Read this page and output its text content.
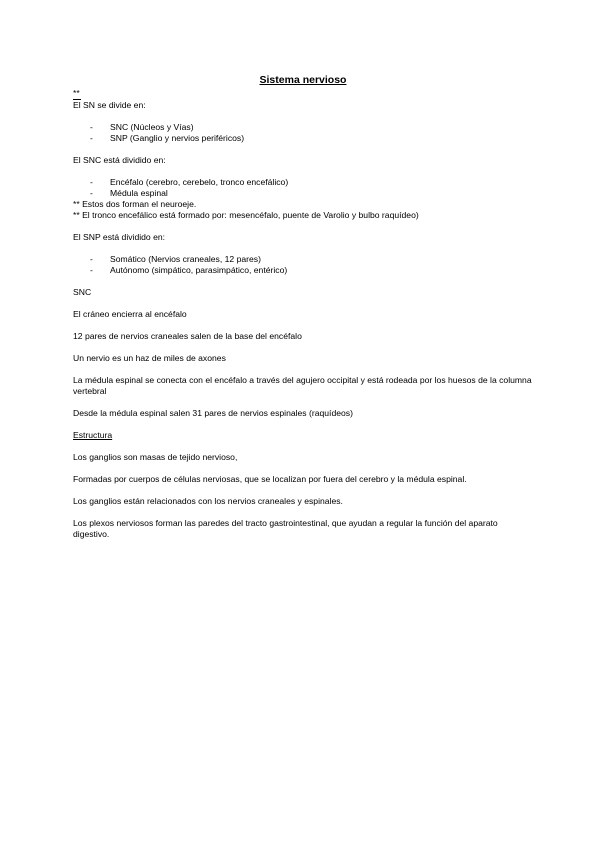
Sistema nervioso

**

El SN se divide en:

- SNC (Núcleos y Vías)
- SNP (Ganglio y nervios periféricos)

El SNC está dividido en:

- Encéfalo (cerebro, cerebelo, tronco encefálico)
- Médula espinal

** Estos dos forman el neuroeje.

** El tronco encefálico está formado por: mesencéfalo, puente de Varolio y bulbo raquídeo)

El SNP está dividido en:

- Somático (Nervios craneales, 12 pares)
- Autónomo (simpático, parasimpático, entérico)

SNC

El cráneo encierra al encéfalo

12 pares de nervios craneales salen de la base del encéfalo

Un nervio es un haz de miles de axones

La médula espinal se conecta con el encéfalo a través del agujero occipital y está rodeada por los huesos de la columna vertebral

Desde la médula espinal salen 31 pares de nervios espinales (raquídeos)

Estructura

Los ganglios son masas de tejido nervioso,

Formadas por cuerpos de células nerviosas, que se localizan por fuera del cerebro y la médula espinal.

Los ganglios están relacionados con los nervios craneales y espinales.

Los plexos nerviosos forman las paredes del tracto gastrointestinal, que ayudan a regular la función del aparato digestivo.
